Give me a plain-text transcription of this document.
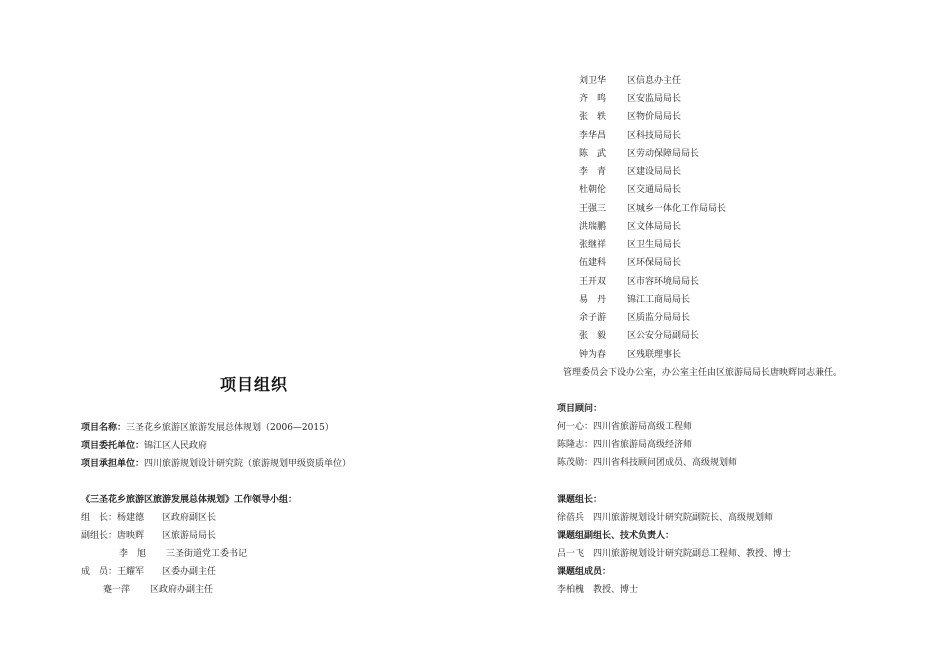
项目组织
项目名称：三圣花乡旅游区旅游发展总体规划（2006—2015）
项目委托单位：锦江区人民政府
项目承担单位：四川旅游规划设计研究院（旅游规划甲级资质单位）
《三圣花乡旅游区旅游发展总体规划》工作领导小组：
组　长：杨建德 区政府副区长
副组长：唐映辉 区旅游局局长
李　旭 三圣街道党工委书记
成　员：王耀军 区委办副主任
蹇一萍 区政府办副主任
刘卫华 区信息办主任
齐　鸣 区安监局局长
张　轶 区物价局局长
李华昌 区科技局局长
陈　武 区劳动保障局局长
李　青 区建设局局长
杜朝伦 区交通局局长
王强三 区城乡一体化工作局局长
洪瑞鹏 区文体局局长
张继祥 区卫生局局长
伍建科 区环保局局长
王开双 区市容环境局局长
易　丹 锦江工商局局长
余子游 区质监分局局长
张　毅 区公安分局副局长
钟为春 区残联理事长
管理委员会下设办公室，办公室主任由区旅游局局长唐映辉同志兼任。
项目顾问：
何一心：四川省旅游局高级工程师
陈隆志：四川省旅游局高级经济师
陈茂勋：四川省科技顾问团成员、高级规划师
课题组长：
徐蓓兵　四川旅游规划设计研究院副院长、高级规划师
课题组副组长、技术负责人：
吕一飞　四川旅游规划设计研究院副总工程师、教授、博士
课题组成员：
李柏槐　教授、博士
